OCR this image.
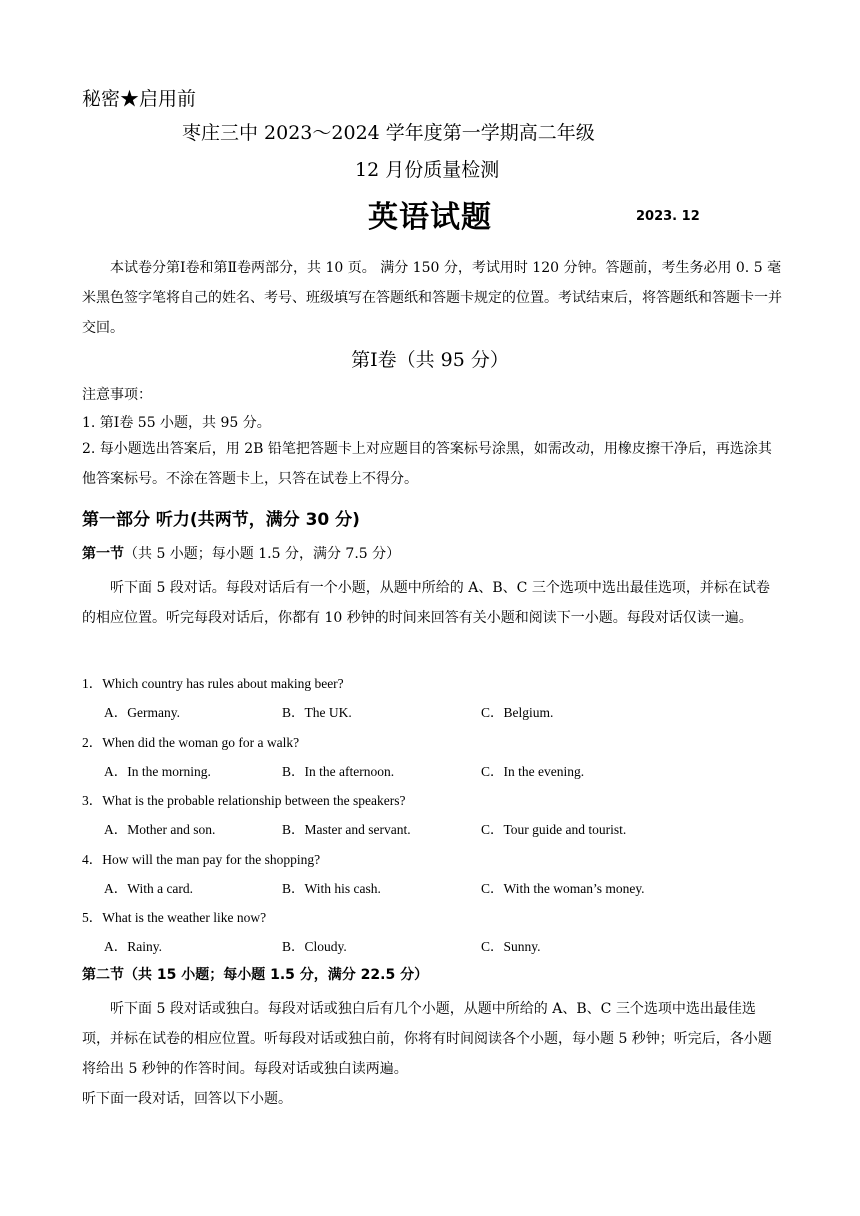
秘密★启用前
枣庄三中 2023～2024 学年度第一学期高二年级
12 月份质量检测
英语试题	2023. 12
本试卷分第Ⅰ卷和第Ⅱ卷两部分，共 10 页。 满分 150 分，考试用时 120 分钟。答题前，考生务必用 0. 5 毫米黑色签字笔将自己的姓名、考号、班级填写在答题纸和答题卡规定的位置。考试结束后，将答题纸和答题卡一并交回。
第Ⅰ卷（共 95 分）
注意事项：
1. 第Ⅰ卷 55 小题，共 95 分。
2. 每小题选出答案后，用 2B 铅笔把答题卡上对应题目的答案标号涂黑，如需改动，用橡皮擦干净后，再选涂其他答案标号。不涂在答题卡上，只答在试卷上不得分。
第一部分 听力(共两节，满分 30 分)
第一节（共 5 小题；每小题 1.5 分，满分 7.5 分）
听下面 5 段对话。每段对话后有一个小题，从题中所给的 A、B、C 三个选项中选出最佳选项，并标在试卷的相应位置。听完每段对话后，你都有 10 秒钟的时间来回答有关小题和阅读下一小题。每段对话仅读一遍。
1．Which country has rules about making beer?
A．Germany.	B．The UK.	C．Belgium.
2．When did the woman go for a walk?
A．In the morning.	B．In the afternoon.	C．In the evening.
3．What is the probable relationship between the speakers?
A．Mother and son.	B．Master and servant.	C．Tour guide and tourist.
4．How will the man pay for the shopping?
A．With a card.	B．With his cash.	C．With the woman’s money.
5．What is the weather like now?
A．Rainy.	B．Cloudy.	C．Sunny.
第二节（共 15 小题；每小题 1.5 分，满分 22.5 分）
听下面 5 段对话或独白。每段对话或独白后有几个小题，从题中所给的 A、B、C 三个选项中选出最佳选项，并标在试卷的相应位置。听每段对话或独白前，你将有时间阅读各个小题，每小题 5 秒钟；听完后，各小题将给出 5 秒钟的作答时间。每段对话或独白读两遍。
听下面一段对话，回答以下小题。
